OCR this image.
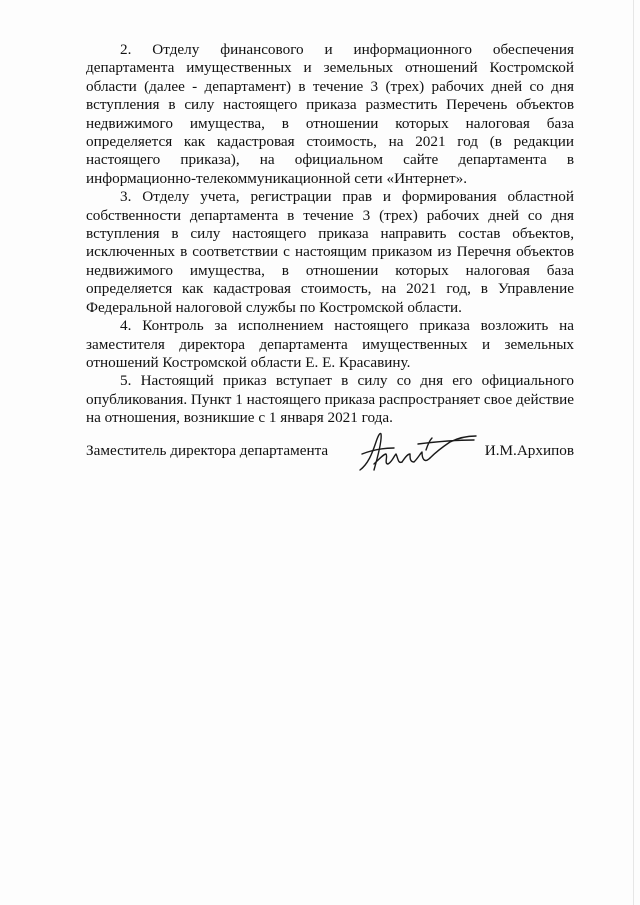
2. Отделу финансового и информационного обеспечения департамента имущественных и земельных отношений Костромской области (далее - департамент) в течение 3 (трех) рабочих дней со дня вступления в силу настоящего приказа разместить Перечень объектов недвижимого имущества, в отношении которых налоговая база определяется как кадастровая стоимость, на 2021 год (в редакции настоящего приказа), на официальном сайте департамента в информационно-телекоммуникационной сети «Интернет».

3. Отделу учета, регистрации прав и формирования областной собственности департамента в течение 3 (трех) рабочих дней со дня вступления в силу настоящего приказа направить состав объектов, исключенных в соответствии с настоящим приказом из Перечня объектов недвижимого имущества, в отношении которых налоговая база определяется как кадастровая стоимость, на 2021 год, в Управление Федеральной налоговой службы по Костромской области.

4. Контроль за исполнением настоящего приказа возложить на заместителя директора департамента имущественных и земельных отношений Костромской области Е. Е. Красавину.

5. Настоящий приказ вступает в силу со дня его официального опубликования. Пункт 1 настоящего приказа распространяет свое действие на отношения, возникшие с 1 января 2021 года.

Заместитель директора департамента	И.М.Архипов
